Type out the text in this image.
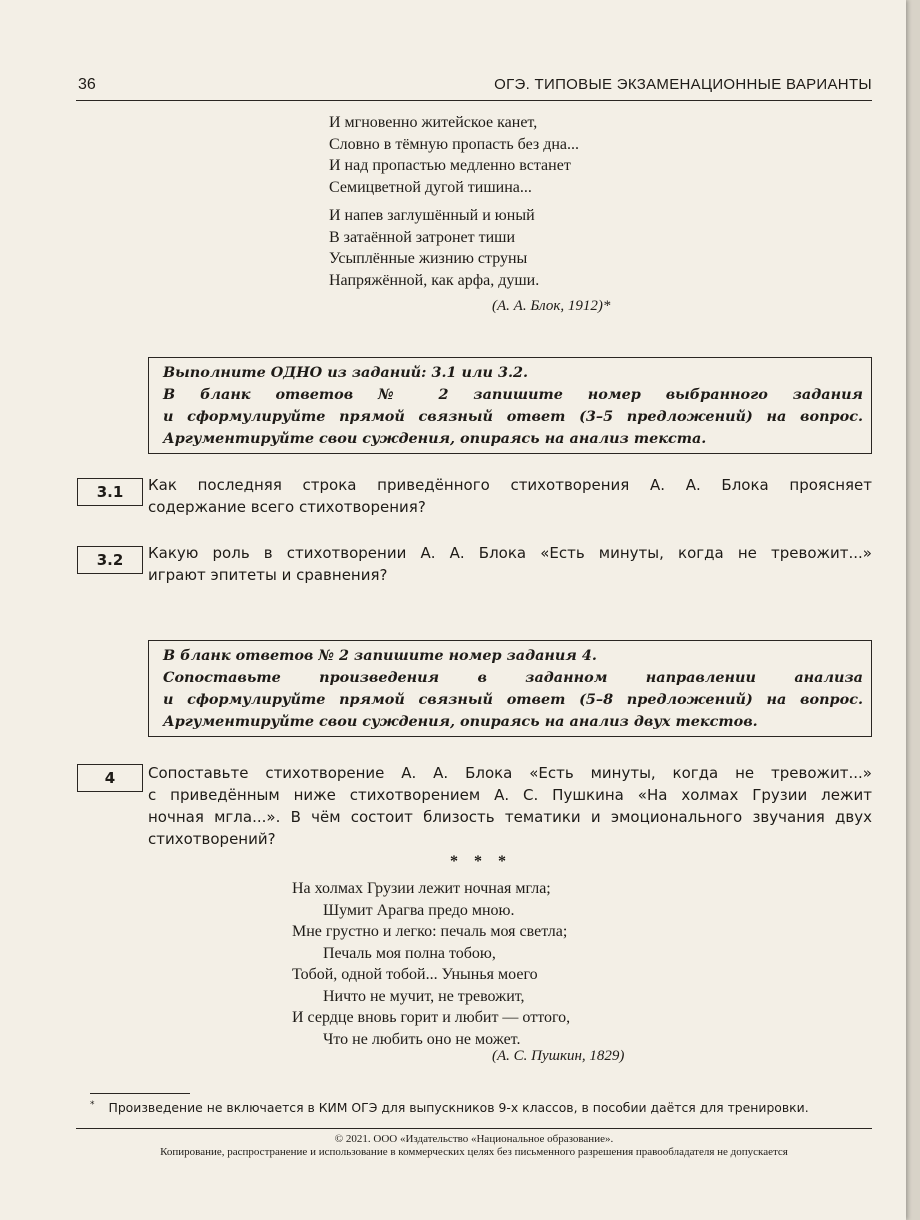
36	ОГЭ. ТИПОВЫЕ ЭКЗАМЕНАЦИОННЫЕ ВАРИАНТЫ
И мгновенно житейское канет,
Словно в тёмную пропасть без дна...
И над пропастью медленно встанет
Семицветной дугой тишина...
И напев заглушённый и юный
В затаённой затронет тиши
Усыплённые жизнию струны
Напряжённой, как арфа, души.
(А. А. Блок, 1912)*
Выполните ОДНО из заданий: 3.1 или 3.2.
В бланк ответов № 2 запишите номер выбранного задания
и сформулируйте прямой связный ответ (3–5 предложений) на вопрос.
Аргументируйте свои суждения, опираясь на анализ текста.
3.1	Как последняя строка приведённого стихотворения А. А. Блока проясняет
содержание всего стихотворения?
3.2	Какую роль в стихотворении А. А. Блока «Есть минуты, когда не тревожит...»
играют эпитеты и сравнения?
В бланк ответов № 2 запишите номер задания 4.
Сопоставьте произведения в заданном направлении анализа
и сформулируйте прямой связный ответ (5–8 предложений) на вопрос.
Аргументируйте свои суждения, опираясь на анализ двух текстов.
4	Сопоставьте стихотворение А. А. Блока «Есть минуты, когда не тревожит...»
с приведённым ниже стихотворением А. С. Пушкина «На холмах Грузии лежит
ночная мгла...». В чём состоит близость тематики и эмоционального звучания двух
стихотворений?
* * *
На холмах Грузии лежит ночная мгла;
Шумит Арагва предо мною.
Мне грустно и легко: печаль моя светла;
Печаль моя полна тобою,
Тобой, одной тобой... Унынья моего
Ничто не мучит, не тревожит,
И сердце вновь горит и любит — оттого,
Что не любить оно не может.
(А. С. Пушкин, 1829)
* Произведение не включается в КИМ ОГЭ для выпускников 9-х классов, в пособии даётся для тренировки.
© 2021. ООО «Издательство «Национальное образование».
Копирование, распространение и использование в коммерческих целях без письменного разрешения правообладателя не допускается
